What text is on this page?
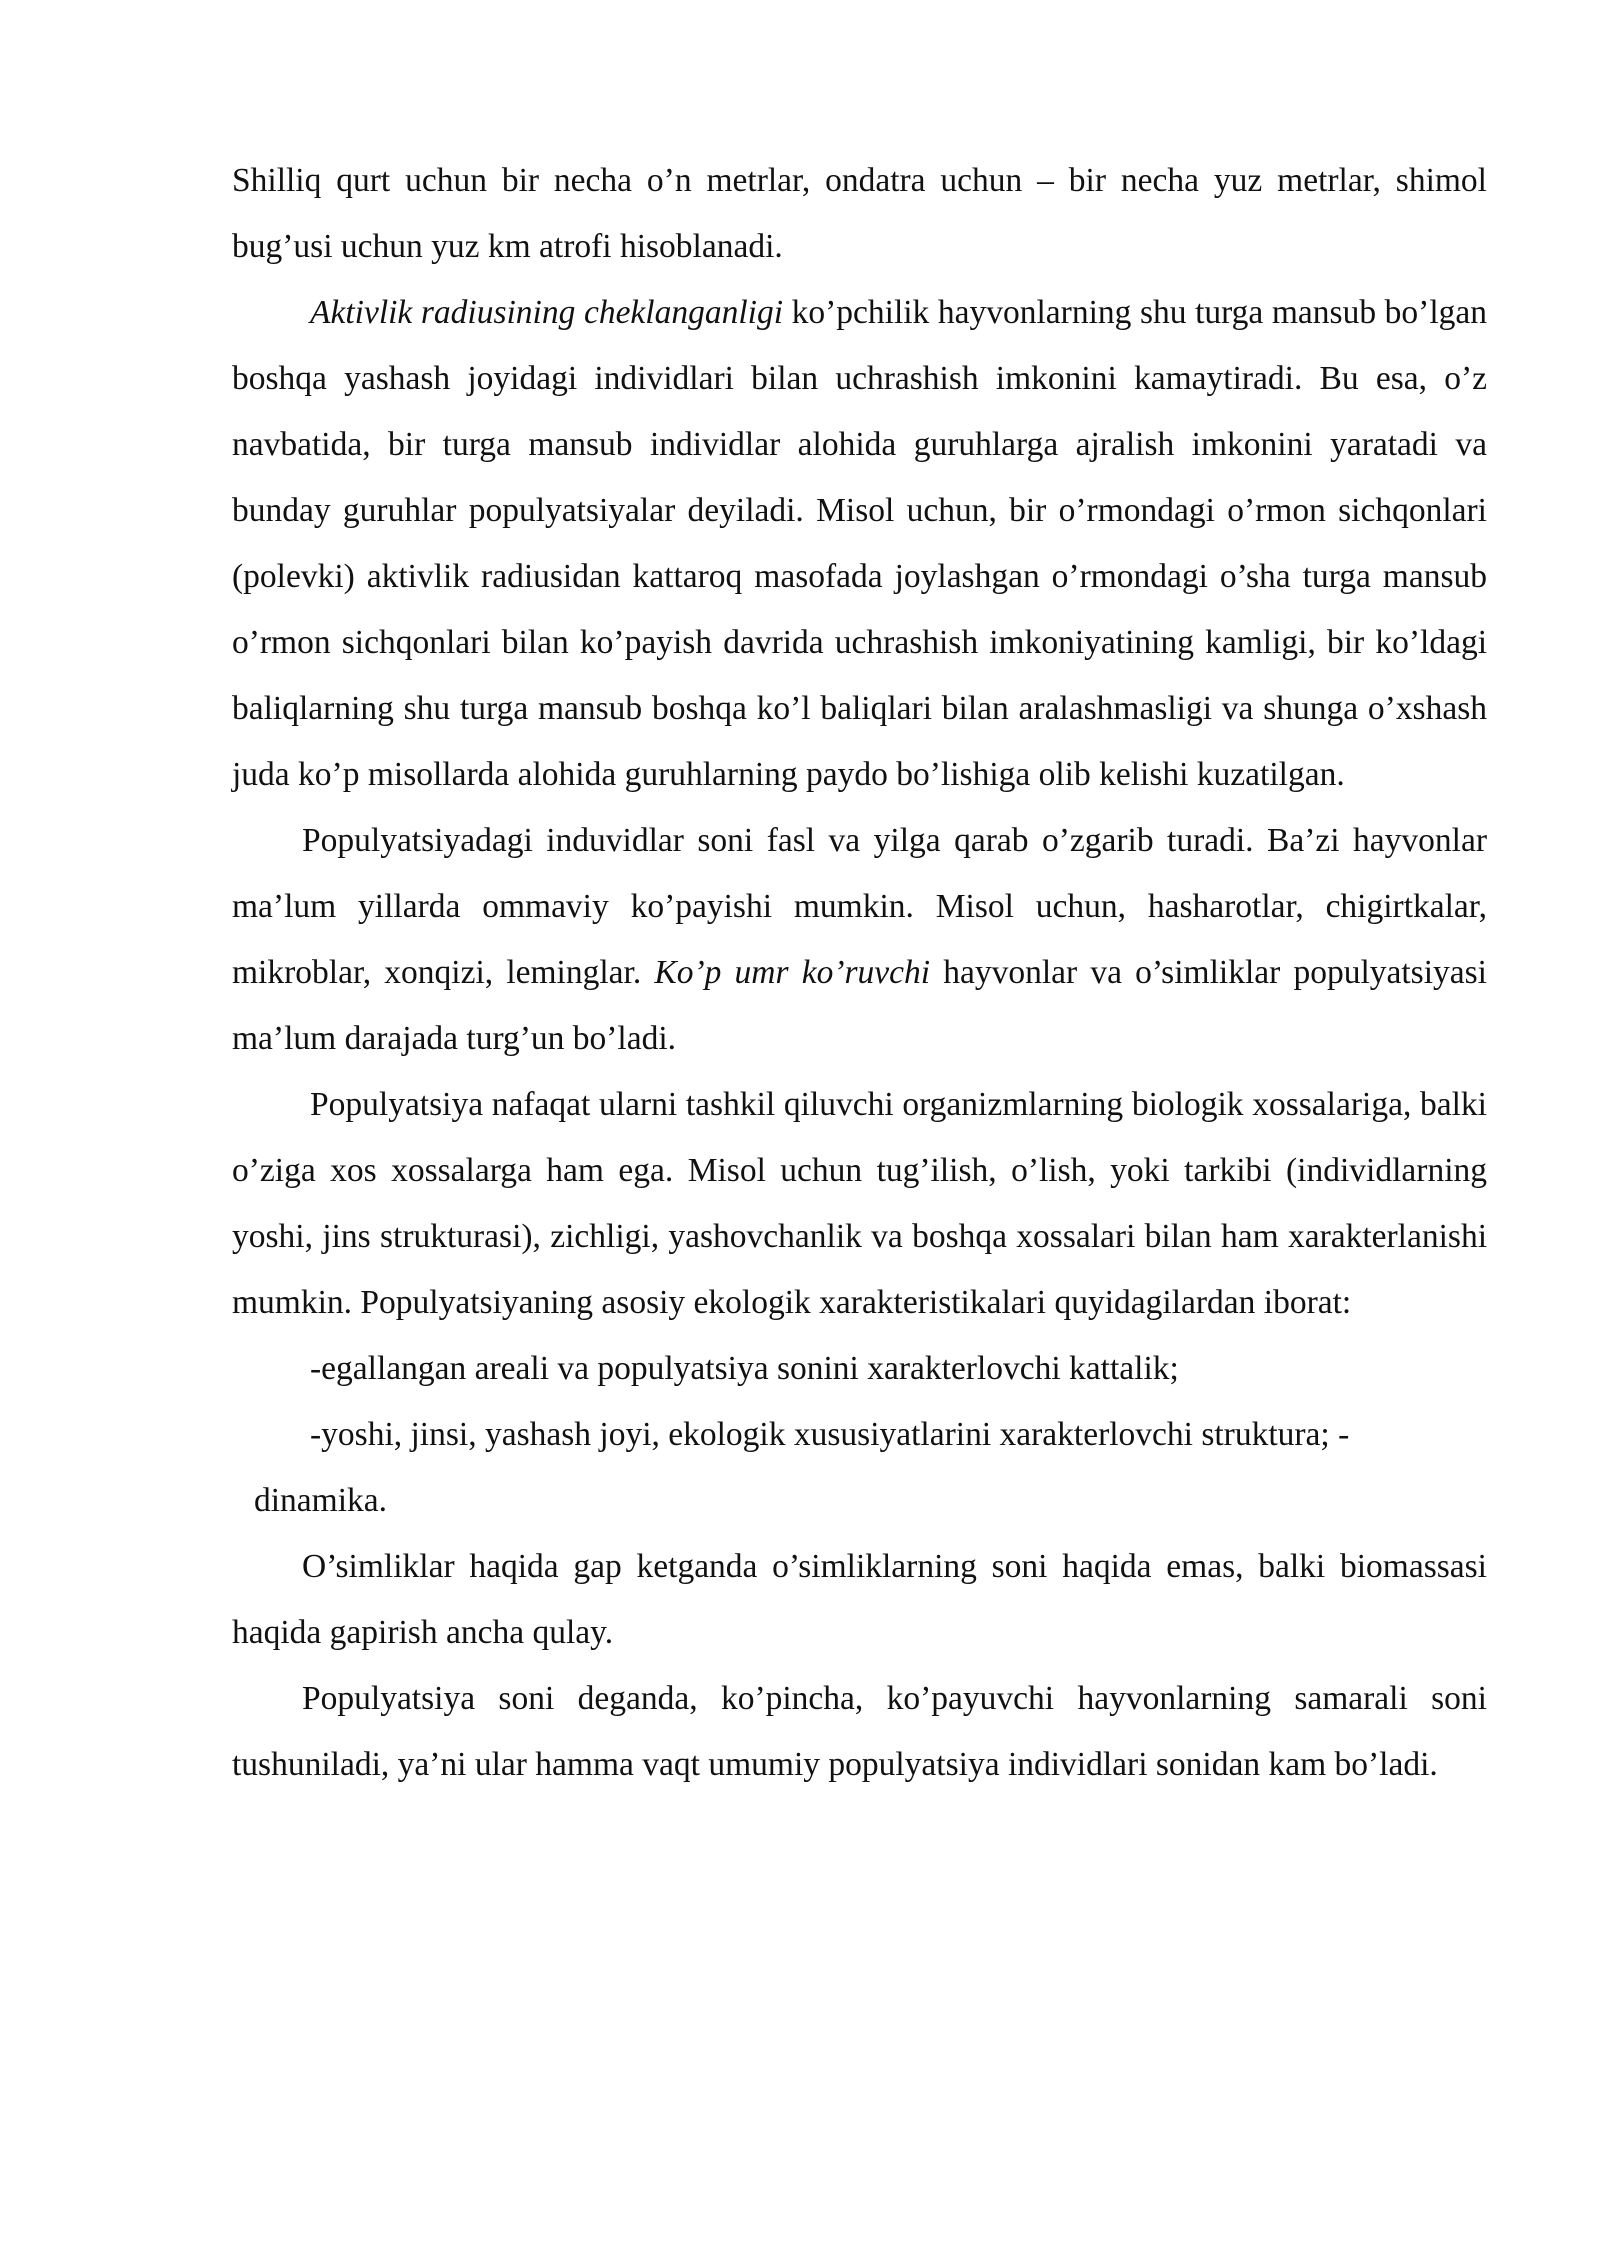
Shilliq qurt uchun bir necha o’n metrlar, ondatra uchun – bir necha yuz metrlar, shimol bug’usi uchun yuz km atrofi hisoblanadi.

Aktivlik radiusining cheklanganligi ko’pchilik hayvonlarning shu turga mansub bo’lgan boshqa yashash joyidagi individlari bilan uchrashish imkonini kamaytiradi. Bu esa, o’z navbatida, bir turga mansub individlar alohida guruhlarga ajralish imkonini yaratadi va bunday guruhlar populyatsiyalar deyiladi. Misol uchun, bir o’rmondagi o’rmon sichqonlari (polevki) aktivlik radiusidan kattaroq masofada joylashgan o’rmondagi o’sha turga mansub o’rmon sichqonlari bilan ko’payish davrida uchrashish imkoniyatining kamligi, bir ko’ldagi baliqlarning shu turga mansub boshqa ko’l baliqlari bilan aralashmasligi va shunga o’xshash juda ko’p misollarda alohida guruhlarning paydo bo’lishiga olib kelishi kuzatilgan.

Populyatsiyadagi induvidlar soni fasl va yilga qarab o’zgarib turadi. Ba’zi hayvonlar ma’lum yillarda ommaviy ko’payishi mumkin. Misol uchun, hasharotlar, chigirtkalar, mikroblar, xonqizi, leminglar. Ko’p umr ko’ruvchi hayvonlar va o’simliklar populyatsiyasi ma’lum darajada turg’un bo’ladi.

Populyatsiya nafaqat ularni tashkil qiluvchi organizmlarning biologik xossalariga, balki o’ziga xos xossalarga ham ega. Misol uchun tug’ilish, o’lish, yoki tarkibi (individlarning yoshi, jins strukturasi), zichligi, yashovchanlik va boshqa xossalari bilan ham xarakterlanishi mumkin. Populyatsiyaning asosiy ekologik xarakteristikalari quyidagilardan iborat:

-egallangan areali va populyatsiya sonini xarakterlovchi kattalik;

-yoshi, jinsi, yashash joyi, ekologik xususiyatlarini xarakterlovchi struktura; -

dinamika.

O’simliklar haqida gap ketganda o’simliklarning soni haqida emas, balki biomassasi haqida gapirish ancha qulay.

Populyatsiya soni deganda, ko’pincha, ko’payuvchi hayvonlarning samarali soni tushuniladi, ya’ni ular hamma vaqt umumiy populyatsiya individlari sonidan kam bo’ladi.
